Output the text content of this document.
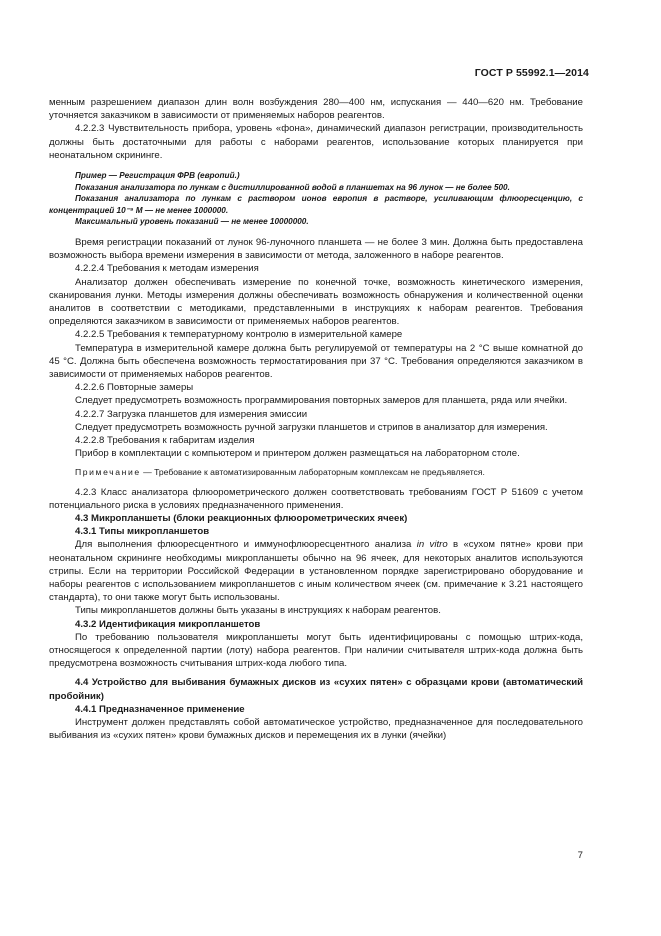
ГОСТ Р 55992.1—2014

менным разрешением диапазон длин волн возбуждения 280—400 нм, испускания — 440—620 нм. Требование уточняется заказчиком в зависимости от применяемых наборов реагентов.

4.2.2.3 Чувствительность прибора, уровень «фона», динамический диапазон регистрации, производительность должны быть достаточными для работы с наборами реагентов, использование которых планируется при неонатальном скрининге.

Пример — Регистрация ФРВ (европий.)

Показания анализатора по лункам с дистиллированной водой в планшетах на 96 лунок — не более 500.

Показания анализатора по лункам с раствором ионов европия в растворе, усиливающим флюоресценцию, с концентрацией 10⁻⁹ М — не менее 1000000.

Максимальный уровень показаний — не менее 10000000.

Время регистрации показаний от лунок 96-луночного планшета — не более 3 мин. Должна быть предоставлена возможность выбора времени измерения в зависимости от метода, заложенного в наборе реагентов.

4.2.2.4 Требования к методам измерения

Анализатор должен обеспечивать измерение по конечной точке, возможность кинетического измерения, сканирования лунки. Методы измерения должны обеспечивать возможность обнаружения и количественной оценки аналитов в соответствии с методиками, представленными в инструкциях к наборам реагентов. Требования определяются заказчиком в зависимости от применяемых наборов реагентов.

4.2.2.5 Требования к температурному контролю в измерительной камере

Температура в измерительной камере должна быть регулируемой от температуры на 2 °С выше комнатной до 45 °С. Должна быть обеспечена возможность термостатирования при 37 °С. Требования определяются заказчиком в зависимости от применяемых наборов реагентов.

4.2.2.6 Повторные замеры

Следует предусмотреть возможность программирования повторных замеров для планшета, ряда или ячейки.

4.2.2.7 Загрузка планшетов для измерения эмиссии

Следует предусмотреть возможность ручной загрузки планшетов и стрипов в анализатор для измерения.

4.2.2.8 Требования к габаритам изделия

Прибор в комплектации с компьютером и принтером должен размещаться на лабораторном столе.

Примечание — Требование к автоматизированным лабораторным комплексам не предъявляется.

4.2.3 Класс анализатора флюорометрического должен соответствовать требованиям ГОСТ Р 51609 с учетом потенциального риска в условиях предназначенного применения.

4.3 Микропланшеты (блоки реакционных флюорометрических ячеек)

4.3.1 Типы микропланшетов

Для выполнения флюоресцентного и иммунофлюоресцентного анализа in vitro в «сухом пятне» крови при неонатальном скрининге необходимы микропланшеты обычно на 96 ячеек, для некоторых аналитов используются стрипы. Если на территории Российской Федерации в установленном порядке зарегистрировано оборудование и наборы реагентов с использованием микропланшетов с иным количеством ячеек (см. примечание к 3.21 настоящего стандарта), то они также могут быть использованы.

Типы микропланшетов должны быть указаны в инструкциях к наборам реагентов.

4.3.2 Идентификация микропланшетов

По требованию пользователя микропланшеты могут быть идентифицированы с помощью штрих-кода, относящегося к определенной партии (лоту) набора реагентов. При наличии считывателя штрих-кода должна быть предусмотрена возможность считывания штрих-кода любого типа.

4.4 Устройство для выбивания бумажных дисков из «сухих пятен» с образцами крови (автоматический пробойник)

4.4.1 Предназначенное применение

Инструмент должен представлять собой автоматическое устройство, предназначенное для последовательного выбивания из «сухих пятен» крови бумажных дисков и перемещения их в лунки (ячейки)

7
